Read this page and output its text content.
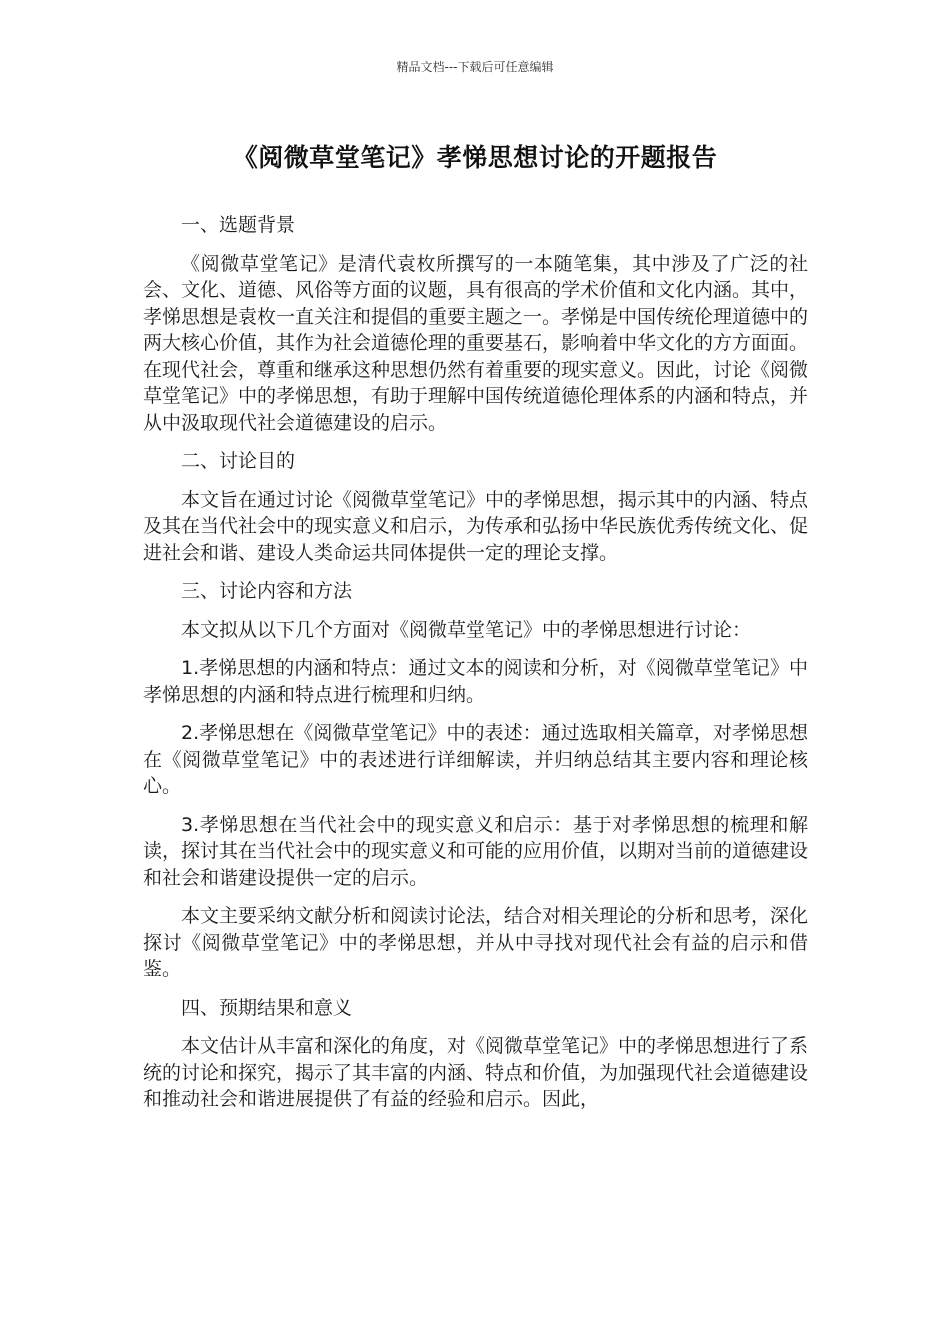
精品文档---下载后可任意编辑
《阅微草堂笔记》孝悌思想讨论的开题报告

一、选题背景

《阅微草堂笔记》是清代袁枚所撰写的一本随笔集，其中涉及了广泛的社会、文化、道德、风俗等方面的议题，具有很高的学术价值和文化内涵。其中，孝悌思想是袁枚一直关注和提倡的重要主题之一。孝悌是中国传统伦理道德中的两大核心价值，其作为社会道德伦理的重要基石，影响着中华文化的方方面面。在现代社会，尊重和继承这种思想仍然有着重要的现实意义。因此，讨论《阅微草堂笔记》中的孝悌思想，有助于理解中国传统道德伦理体系的内涵和特点，并从中汲取现代社会道德建设的启示。

二、讨论目的

本文旨在通过讨论《阅微草堂笔记》中的孝悌思想，揭示其中的内涵、特点及其在当代社会中的现实意义和启示，为传承和弘扬中华民族优秀传统文化、促进社会和谐、建设人类命运共同体提供一定的理论支撑。

三、讨论内容和方法

本文拟从以下几个方面对《阅微草堂笔记》中的孝悌思想进行讨论：

1.孝悌思想的内涵和特点：通过文本的阅读和分析，对《阅微草堂笔记》中孝悌思想的内涵和特点进行梳理和归纳。

2.孝悌思想在《阅微草堂笔记》中的表述：通过选取相关篇章，对孝悌思想在《阅微草堂笔记》中的表述进行详细解读，并归纳总结其主要内容和理论核心。

3.孝悌思想在当代社会中的现实意义和启示：基于对孝悌思想的梳理和解读，探讨其在当代社会中的现实意义和可能的应用价值，以期对当前的道德建设和社会和谐建设提供一定的启示。

本文主要采纳文献分析和阅读讨论法，结合对相关理论的分析和思考，深化探讨《阅微草堂笔记》中的孝悌思想，并从中寻找对现代社会有益的启示和借鉴。

四、预期结果和意义

本文估计从丰富和深化的角度，对《阅微草堂笔记》中的孝悌思想进行了系统的讨论和探究，揭示了其丰富的内涵、特点和价值，为加强现代社会道德建设和推动社会和谐进展提供了有益的经验和启示。因此，
